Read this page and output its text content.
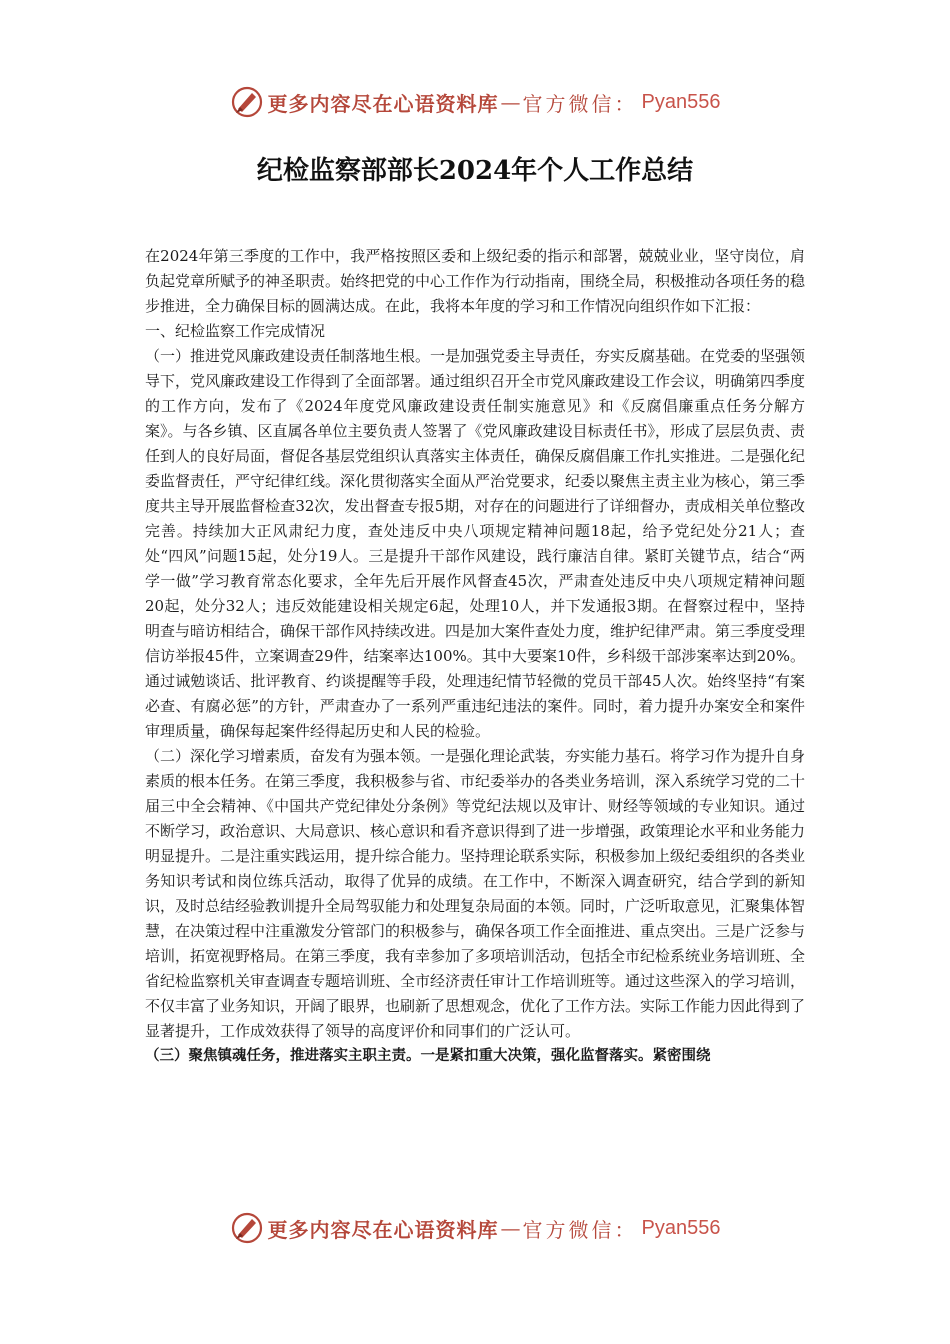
更多内容尽在心语资料库 — 官方微信： Pyan556
纪检监察部部长2024年个人工作总结

在2024年第三季度的工作中，我严格按照区委和上级纪委的指示和部署，兢兢业业，坚守岗位，肩负起党章所赋予的神圣职责。始终把党的中心工作作为行动指南，围绕全局，积极推动各项任务的稳步推进，全力确保目标的圆满达成。在此，我将本年度的学习和工作情况向组织作如下汇报：

一、纪检监察工作完成情况

（一）推进党风廉政建设责任制落地生根。一是加强党委主导责任，夯实反腐基础。在党委的坚强领导下，党风廉政建设工作得到了全面部署。通过组织召开全市党风廉政建设工作会议，明确第四季度的工作方向，发布了《2024年度党风廉政建设责任制实施意见》和《反腐倡廉重点任务分解方案》。与各乡镇、区直属各单位主要负责人签署了《党风廉政建设目标责任书》，形成了层层负责、责任到人的良好局面，督促各基层党组织认真落实主体责任，确保反腐倡廉工作扎实推进。二是强化纪委监督责任，严守纪律红线。深化贯彻落实全面从严治党要求，纪委以聚焦主责主业为核心，第三季度共主导开展监督检查32次，发出督查专报5期，对存在的问题进行了详细督办，责成相关单位整改完善。持续加大正风肃纪力度，查处违反中央八项规定精神问题18起，给予党纪处分21人；查处“四风”问题15起，处分19人。三是提升干部作风建设，践行廉洁自律。紧盯关键节点，结合“两学一做”学习教育常态化要求，全年先后开展作风督查45次，严肃查处违反中央八项规定精神问题20起，处分32人；违反效能建设相关规定6起，处理10人，并下发通报3期。在督察过程中，坚持明查与暗访相结合，确保干部作风持续改进。四是加大案件查处力度，维护纪律严肃。第三季度受理信访举报45件，立案调查29件，结案率达100%。其中大要案10件，乡科级干部涉案率达到20%。通过诫勉谈话、批评教育、约谈提醒等手段，处理违纪情节轻微的党员干部45人次。始终坚持“有案必查、有腐必惩”的方针，严肃查办了一系列严重违纪违法的案件。同时，着力提升办案安全和案件审理质量，确保每起案件经得起历史和人民的检验。

（二）深化学习增素质，奋发有为强本领。一是强化理论武装，夯实能力基石。将学习作为提升自身素质的根本任务。在第三季度，我积极参与省、市纪委举办的各类业务培训，深入系统学习党的二十届三中全会精神、《中国共产党纪律处分条例》等党纪法规以及审计、财经等领域的专业知识。通过不断学习，政治意识、大局意识、核心意识和看齐意识得到了进一步增强，政策理论水平和业务能力明显提升。二是注重实践运用，提升综合能力。坚持理论联系实际，积极参加上级纪委组织的各类业务知识考试和岗位练兵活动，取得了优异的成绩。在工作中，不断深入调查研究，结合学到的新知识，及时总结经验教训提升全局驾驭能力和处理复杂局面的本领。同时，广泛听取意见，汇聚集体智慧，在决策过程中注重激发分管部门的积极参与，确保各项工作全面推进、重点突出。三是广泛参与培训，拓宽视野格局。在第三季度，我有幸参加了多项培训活动，包括全市纪检系统业务培训班、全省纪检监察机关审查调查专题培训班、全市经济责任审计工作培训班等。通过这些深入的学习培训，不仅丰富了业务知识，开阔了眼界，也刷新了思想观念，优化了工作方法。实际工作能力因此得到了显著提升，工作成效获得了领导的高度评价和同事们的广泛认可。

（三）聚焦镇魂任务，推进落实主职主责。一是紧扣重大决策，强化监督落实。紧密围绕

更多内容尽在心语资料库 — 官方微信： Pyan556
